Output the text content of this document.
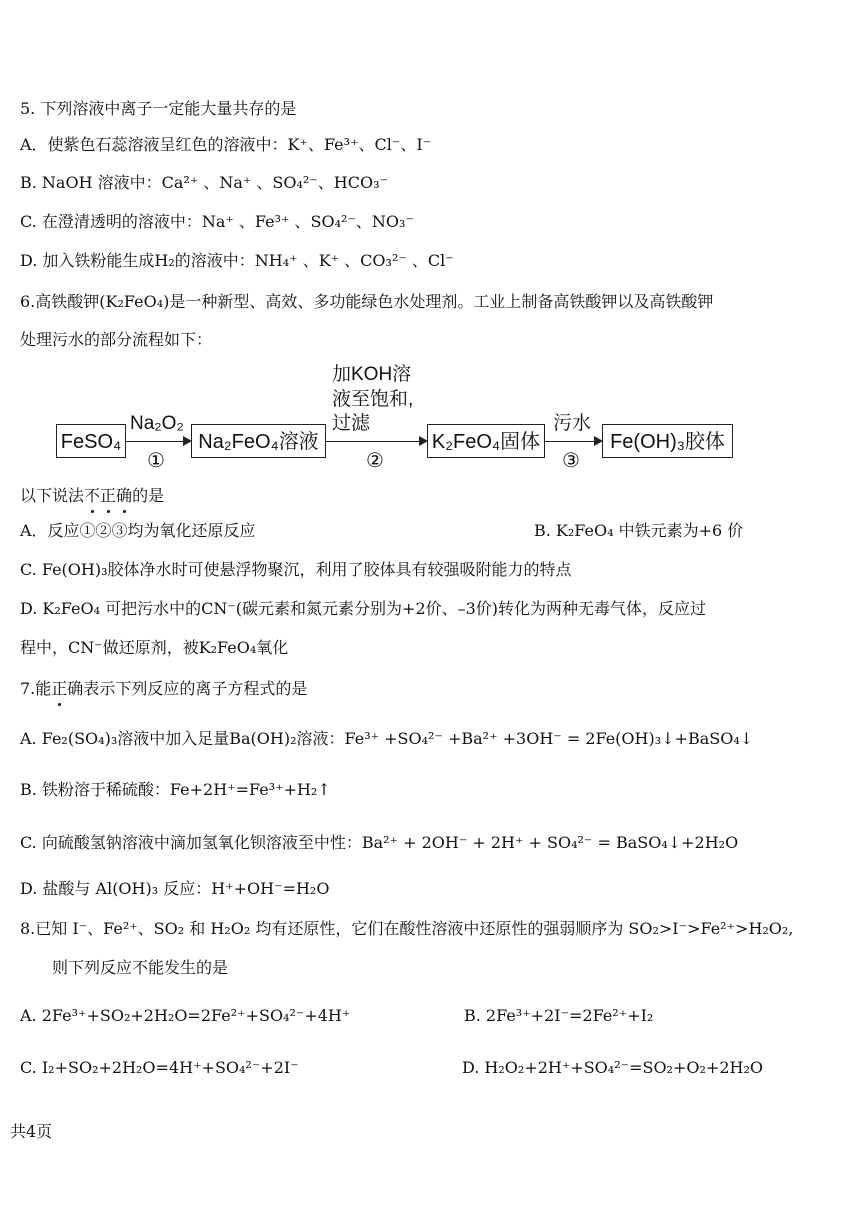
5. 下列溶液中离子一定能大量共存的是
A．使紫色石蕊溶液呈红色的溶液中：K⁺、Fe³⁺、Cl⁻、I⁻
B. NaOH 溶液中：Ca²⁺ 、Na⁺ 、SO₄²⁻、HCO₃⁻
C. 在澄清透明的溶液中：Na⁺ 、Fe³⁺ 、SO₄²⁻、NO₃⁻
D. 加入铁粉能生成H₂的溶液中：NH₄⁺ 、K⁺ 、CO₃²⁻ 、Cl⁻
6.高铁酸钾(K₂FeO₄)是一种新型、高效、多功能绿色水处理剂。工业上制备高铁酸钾以及高铁酸钾
处理污水的部分流程如下：
FeSO₄
Na₂O₂
①
Na₂FeO₄溶液
加KOH溶
液至饱和,
过滤
②
K₂FeO₄固体
污水
③
Fe(OH)₃胶体
以下说法不正确的是
A．反应①②③均为氧化还原反应	B. K₂FeO₄ 中铁元素为+6 价
C. Fe(OH)₃胶体净水时可使悬浮物聚沉，利用了胶体具有较强吸附能力的特点
D. K₂FeO₄ 可把污水中的CN⁻(碳元素和氮元素分别为+2价、–3价)转化为两种无毒气体，反应过
程中，CN⁻做还原剂，被K₂FeO₄氧化
7.能正确表示下列反应的离子方程式的是
A. Fe₂(SO₄)₃溶液中加入足量Ba(OH)₂溶液：Fe³⁺ +SO₄²⁻ +Ba²⁺ +3OH⁻ = 2Fe(OH)₃↓+BaSO₄↓
B. 铁粉溶于稀硫酸：Fe+2H⁺=Fe³⁺+H₂↑
C. 向硫酸氢钠溶液中滴加氢氧化钡溶液至中性：Ba²⁺ + 2OH⁻ + 2H⁺ + SO₄²⁻ = BaSO₄↓+2H₂O
D. 盐酸与 Al(OH)₃ 反应：H⁺+OH⁻=H₂O
8.已知 I⁻、Fe²⁺、SO₂ 和 H₂O₂ 均有还原性，它们在酸性溶液中还原性的强弱顺序为 SO₂>I⁻>Fe²⁺>H₂O₂,
则下列反应不能发生的是
A. 2Fe³⁺+SO₂+2H₂O=2Fe²⁺+SO₄²⁻+4H⁺	B. 2Fe³⁺+2I⁻=2Fe²⁺+I₂
C. I₂+SO₂+2H₂O=4H⁺+SO₄²⁻+2I⁻	D. H₂O₂+2H⁺+SO₄²⁻=SO₂+O₂+2H₂O
共4页
